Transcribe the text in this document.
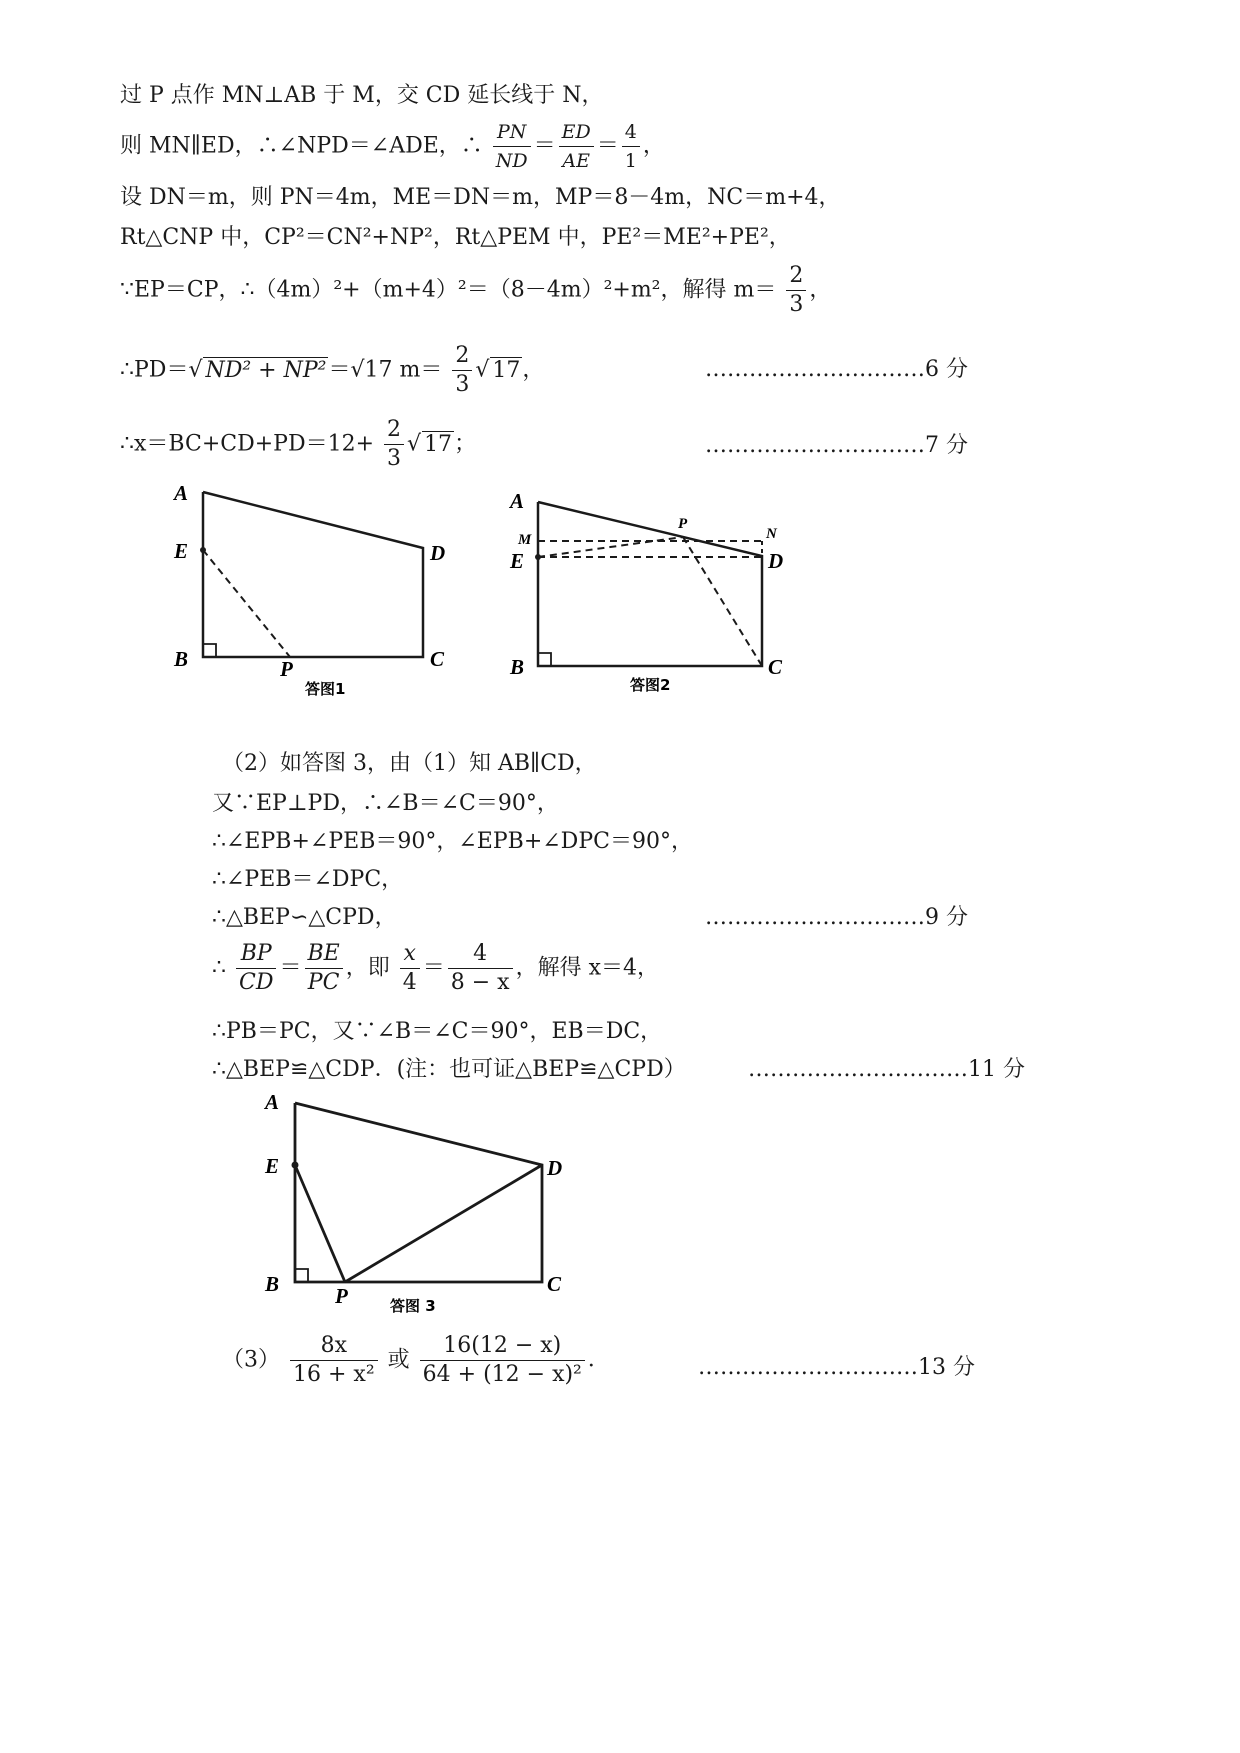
过 P 点作 MN⊥AB 于 M，交 CD 延长线于 N，
则 MN∥ED，∴∠NPD＝∠ADE，∴ $\frac{PN}{ND} = \frac{ED}{AE} = \frac{4}{1}$ ，
设 DN＝m，则 PN＝4m，ME＝DN＝m，MP＝8－4m，NC＝m+4，
Rt△CNP 中，CP²＝CN²+NP²，Rt△PEM 中，PE²＝ME²+PE²，
∵EP＝CP，∴（4m）²+（m+4）²＝（8－4m）²+m²，解得 $m= \frac{2}{3}$ ，
∴PD＝√ ND² + NP²＝√17 $m= \frac{2}{3}$ √ 17，	…………………………6 分
∴x＝BC+CD+PD＝12+ $\frac{2}{3}$ √ 17；	…………………………7 分
A
E	D
B	P	C
答图1
A
M
P
N
E	D
B	C
答图2
（2）如答图 3，由（1）知 AB∥CD，
又∵EP⊥PD，∴∠B＝∠C＝90°，
∴∠EPB+∠PEB＝90°，∠EPB+∠DPC＝90°，
∴∠PEB＝∠DPC，
∴△BEP∽△CPD，	…………………………9 分
∴ $\frac{BP}{CD} = \frac{BE}{PC}$ ，即 $\frac{x}{4} = \frac{4}{8 - x}$ ，解得 x＝4，
∴PB＝PC，又∵∠B＝∠C＝90°，EB＝DC，
∴△BEP≌△CDP．(注：也可证△BEP≌△CPD）	…………………………11 分
A
E	D
B	P	C
答图 3
$(3) \frac{8x}{\text{16 + x²}}$ 或 $\frac{16(12 - x)}{\text{64 + (12 − x)²}}$ ．	…………………………13 分
